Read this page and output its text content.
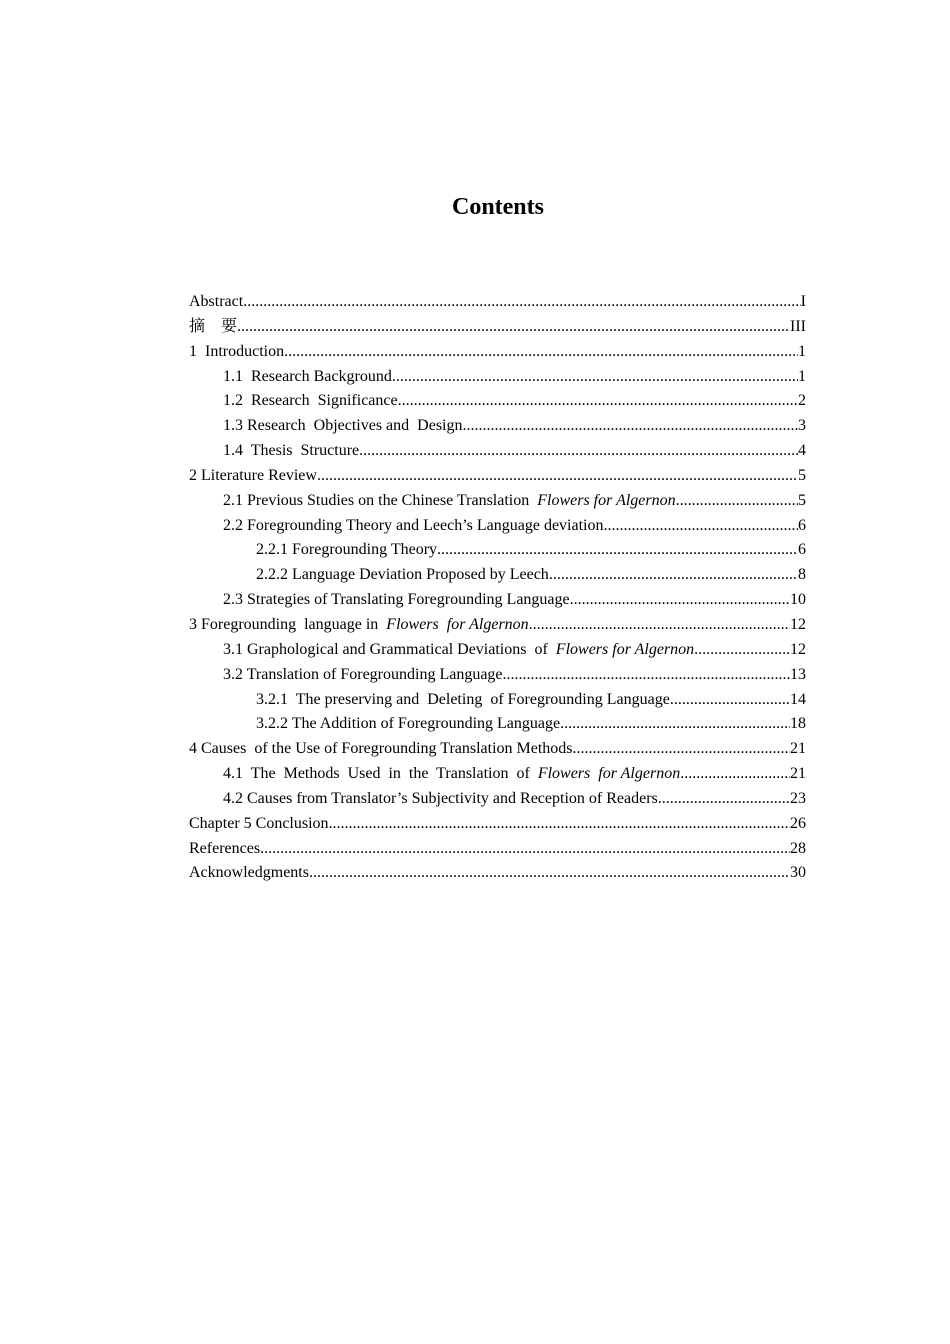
Contents
Abstract .....	I
摘　要 .....	III
1  Introduction .....	1
1.1  Research Background .....	1
1.2  Research  Significance .....	2
1.3 Research  Objectives and  Design .....	3
1.4  Thesis  Structure .....	4
2 Literature Review .....	5
2.1 Previous Studies on the Chinese Translation  Flowers for Algernon .....	5
2.2 Foregrounding Theory and Leech’s Language deviation .....	6
2.2.1 Foregrounding Theory .....	6
2.2.2 Language Deviation Proposed by Leech .....	8
2.3 Strategies of Translating Foregrounding Language .....	10
3 Foregrounding  language in  Flowers  for Algernon .....	12
3.1 Graphological and Grammatical Deviations  of  Flowers for Algernon .....	12
3.2 Translation of Foregrounding Language .....	13
3.2.1  The preserving and  Deleting  of Foregrounding Language .....	14
3.2.2 The Addition of Foregrounding Language .....	18
4 Causes  of the Use of Foregrounding Translation Methods .....	21
4.1  The  Methods  Used  in  the  Translation  of  Flowers  for Algernon .....	21
4.2 Causes from Translator’s Subjectivity and Reception of Readers .....	23
Chapter 5 Conclusion .....	26
References .....	28
Acknowledgments .....	30
